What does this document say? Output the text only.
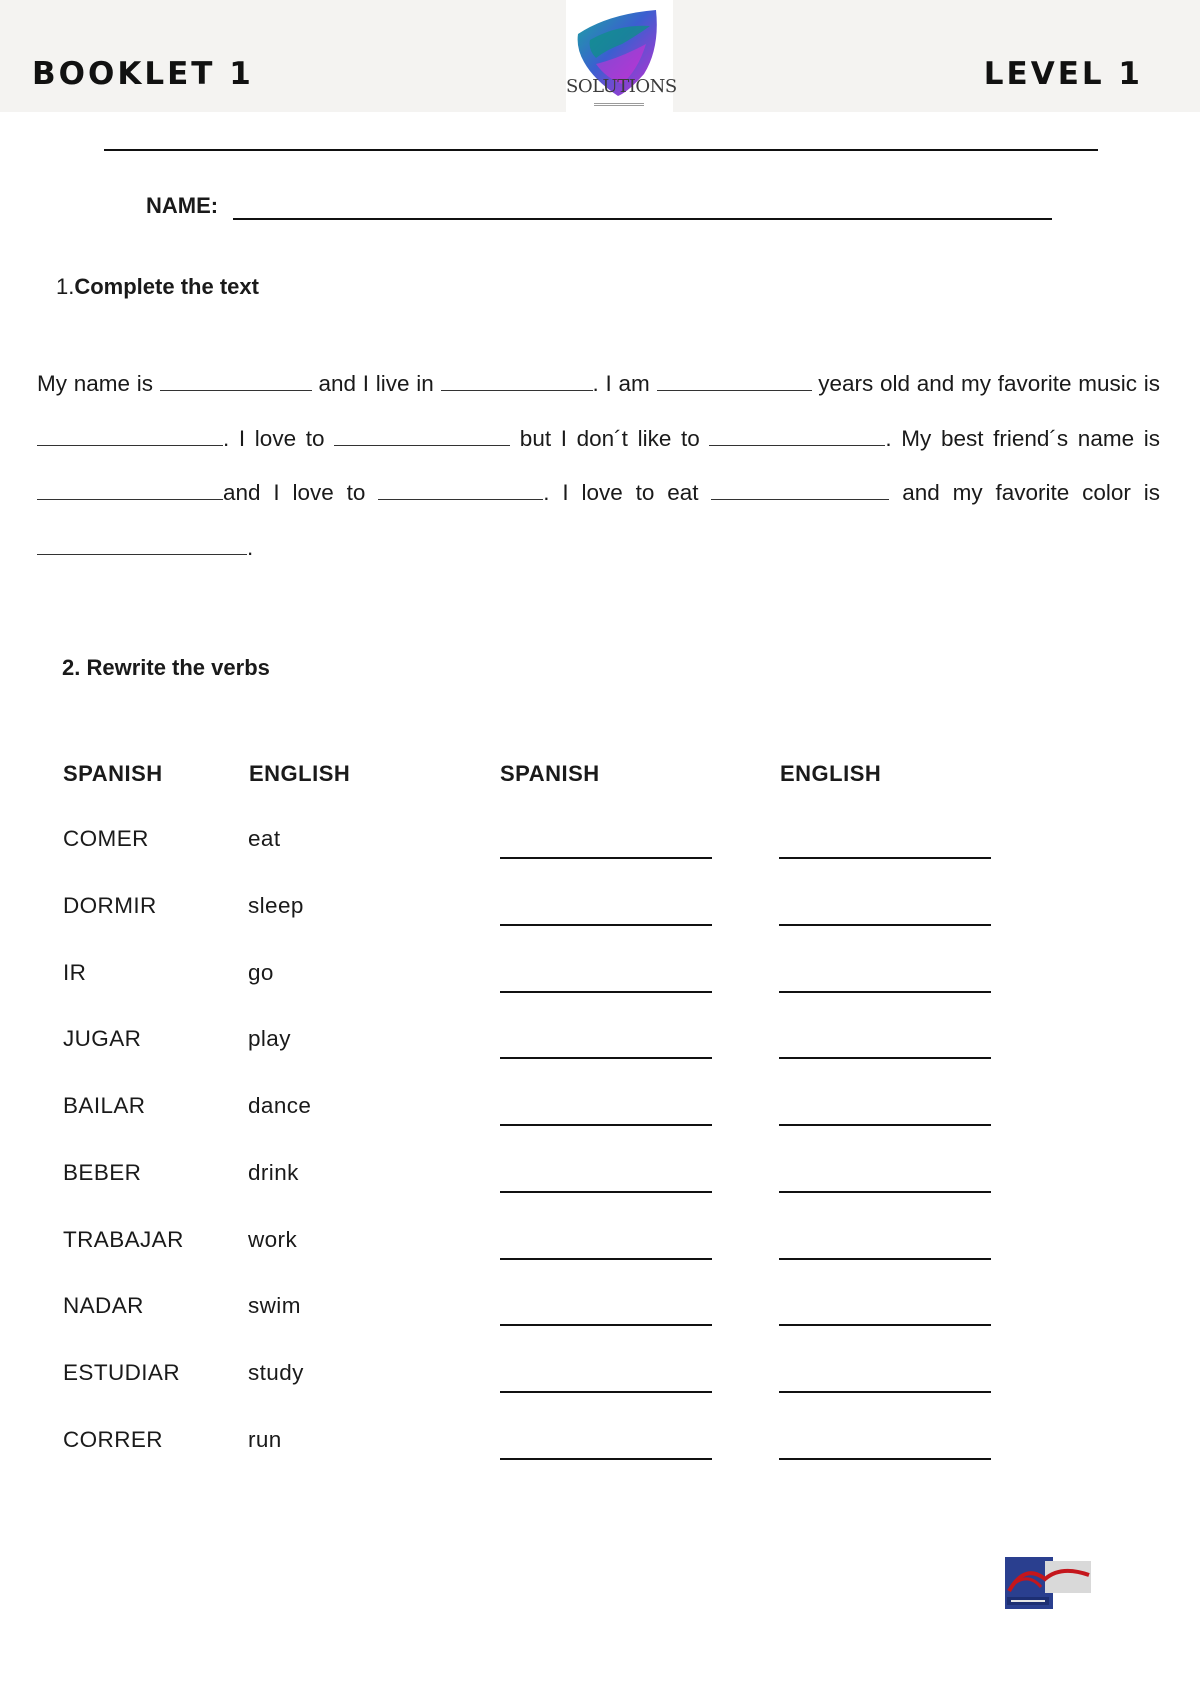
BOOKLET 1	LEVEL 1
SOLUTIONS
NAME:
1.Complete the text
My name is	and I live in	. I am	years old and my favorite music is . I love to	but I don´t like to	. My best friend´s name is and I love to	. I love to eat	and my favorite color is .
2. Rewrite the verbs
SPANISH	ENGLISH	SPANISH	ENGLISH
COMER	eat
DORMIR	sleep
IR	go
JUGAR	play
BAILAR	dance
BEBER	drink
TRABAJAR	work
NADAR	swim
ESTUDIAR	study
CORRER	run
